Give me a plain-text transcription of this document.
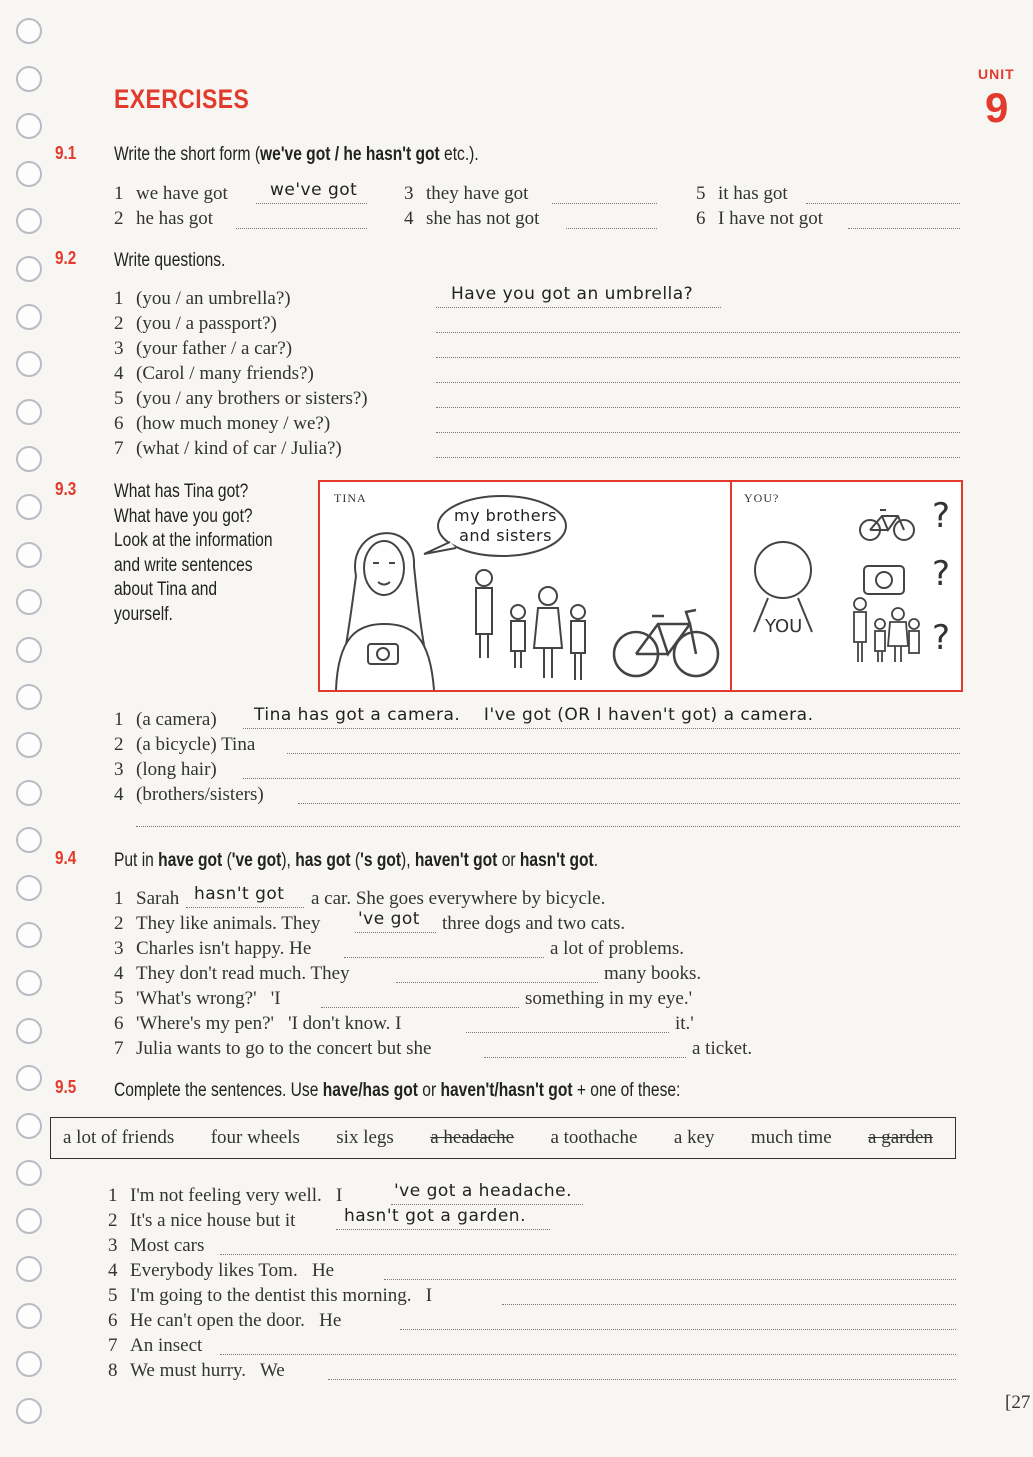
EXERCISES
UNIT
9
9.1 Write the short form (we've got / he hasn't got etc.).
1 we have got we've got
2 he has got
3 they have got
4 she has not got
5 it has got
6 I have not got
9.2 Write questions.
1 (you / an umbrella?)	Have you got an umbrella?
2 (you / a passport?)
3 (your father / a car?)
4 (Carol / many friends?)
5 (you / any brothers or sisters?)
6 (how much money / we?)
7 (what / kind of car / Julia?)
9.3 What has Tina got?
What have you got?
Look at the information
and write sentences
about Tina and
yourself.
TINA	YOU?
my brothers
and sisters
YOU
?
?
?
1 (a camera) Tina has got a camera.    I've got (OR I haven't got) a camera.
2 (a bicycle) Tina
3 (long hair)
4 (brothers/sisters)
9.4 Put in have got ('ve got), has got ('s got), haven't got or hasn't got.
1 Sarah hasn't got a car. She goes everywhere by bicycle.
2 They like animals. They 've got three dogs and two cats.
3 Charles isn't happy. He	a lot of problems.
4 They don't read much. They	many books.
5 'What's wrong?'   'I	something in my eye.'
6 'Where's my pen?'   'I don't know. I	it.'
7 Julia wants to go to the concert but she	a ticket.
9.5 Complete the sentences. Use have/has got or haven't/hasn't got + one of these:
a lot of friends four wheels six legs a headache a toothache a key much time a garden
1 I'm not feeling very well.   I	've got a headache.
2 It's a nice house but it	hasn't got a garden.
3 Most cars
4 Everybody likes Tom.   He
5 I'm going to the dentist this morning.   I
6 He can't open the door.   He
7 An insect
8 We must hurry.   We
[27
